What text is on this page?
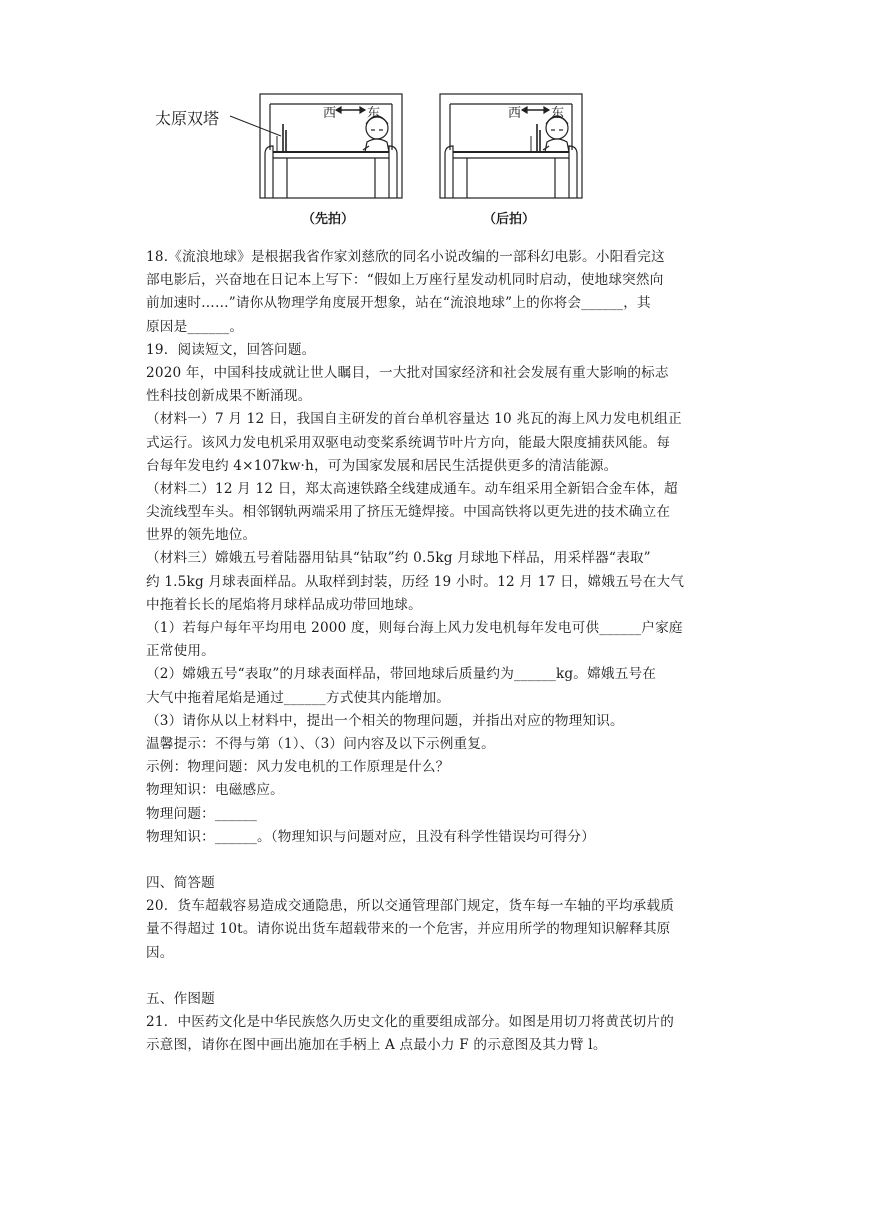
太原双塔	西 东	西 东
（先拍）	（后拍）
18.《流浪地球》是根据我省作家刘慈欣的同名小说改编的一部科幻电影。小阳看完这
部电影后，兴奋地在日记本上写下：“假如上万座行星发动机同时启动，使地球突然向
前加速时……”请你从物理学角度展开想象，站在“流浪地球”上的你将会______，其
原因是______。
19．阅读短文，回答问题。
2020 年，中国科技成就让世人瞩目，一大批对国家经济和社会发展有重大影响的标志
性科技创新成果不断涌现。
（材料一）7 月 12 日，我国自主研发的首台单机容量达 10 兆瓦的海上风力发电机组正
式运行。该风力发电机采用双驱电动变桨系统调节叶片方向，能最大限度捕获风能。每
台每年发电约 4×107kw·h，可为国家发展和居民生活提供更多的清洁能源。
（材料二）12 月 12 日，郑太高速铁路全线建成通车。动车组采用全新铝合金车体，超
尖流线型车头。相邻钢轨两端采用了挤压无缝焊接。中国高铁将以更先进的技术确立在
世界的领先地位。
（材料三）嫦娥五号着陆器用钻具“钻取”约 0.5kg 月球地下样品，用采样器“表取”
约 1.5kg 月球表面样品。从取样到封装，历经 19 小时。12 月 17 日，嫦娥五号在大气
中拖着长长的尾焰将月球样品成功带回地球。
（1）若每户每年平均用电 2000 度，则每台海上风力发电机每年发电可供______户家庭
正常使用。
（2）嫦娥五号“表取”的月球表面样品，带回地球后质量约为______kg。嫦娥五号在
大气中拖着尾焰是通过______方式使其内能增加。
（3）请你从以上材料中，提出一个相关的物理问题，并指出对应的物理知识。
温馨提示：不得与第（1）、（3）问内容及以下示例重复。
示例：物理问题：风力发电机的工作原理是什么？
物理知识：电磁感应。
物理问题：______
物理知识：______。（物理知识与问题对应，且没有科学性错误均可得分）
四、简答题
20．货车超载容易造成交通隐患，所以交通管理部门规定，货车每一车轴的平均承载质
量不得超过 10t。请你说出货车超载带来的一个危害，并应用所学的物理知识解释其原
因。
五、作图题
21．中医药文化是中华民族悠久历史文化的重要组成部分。如图是用切刀将黄芪切片的
示意图，请你在图中画出施加在手柄上 A 点最小力 F 的示意图及其力臂 l。
